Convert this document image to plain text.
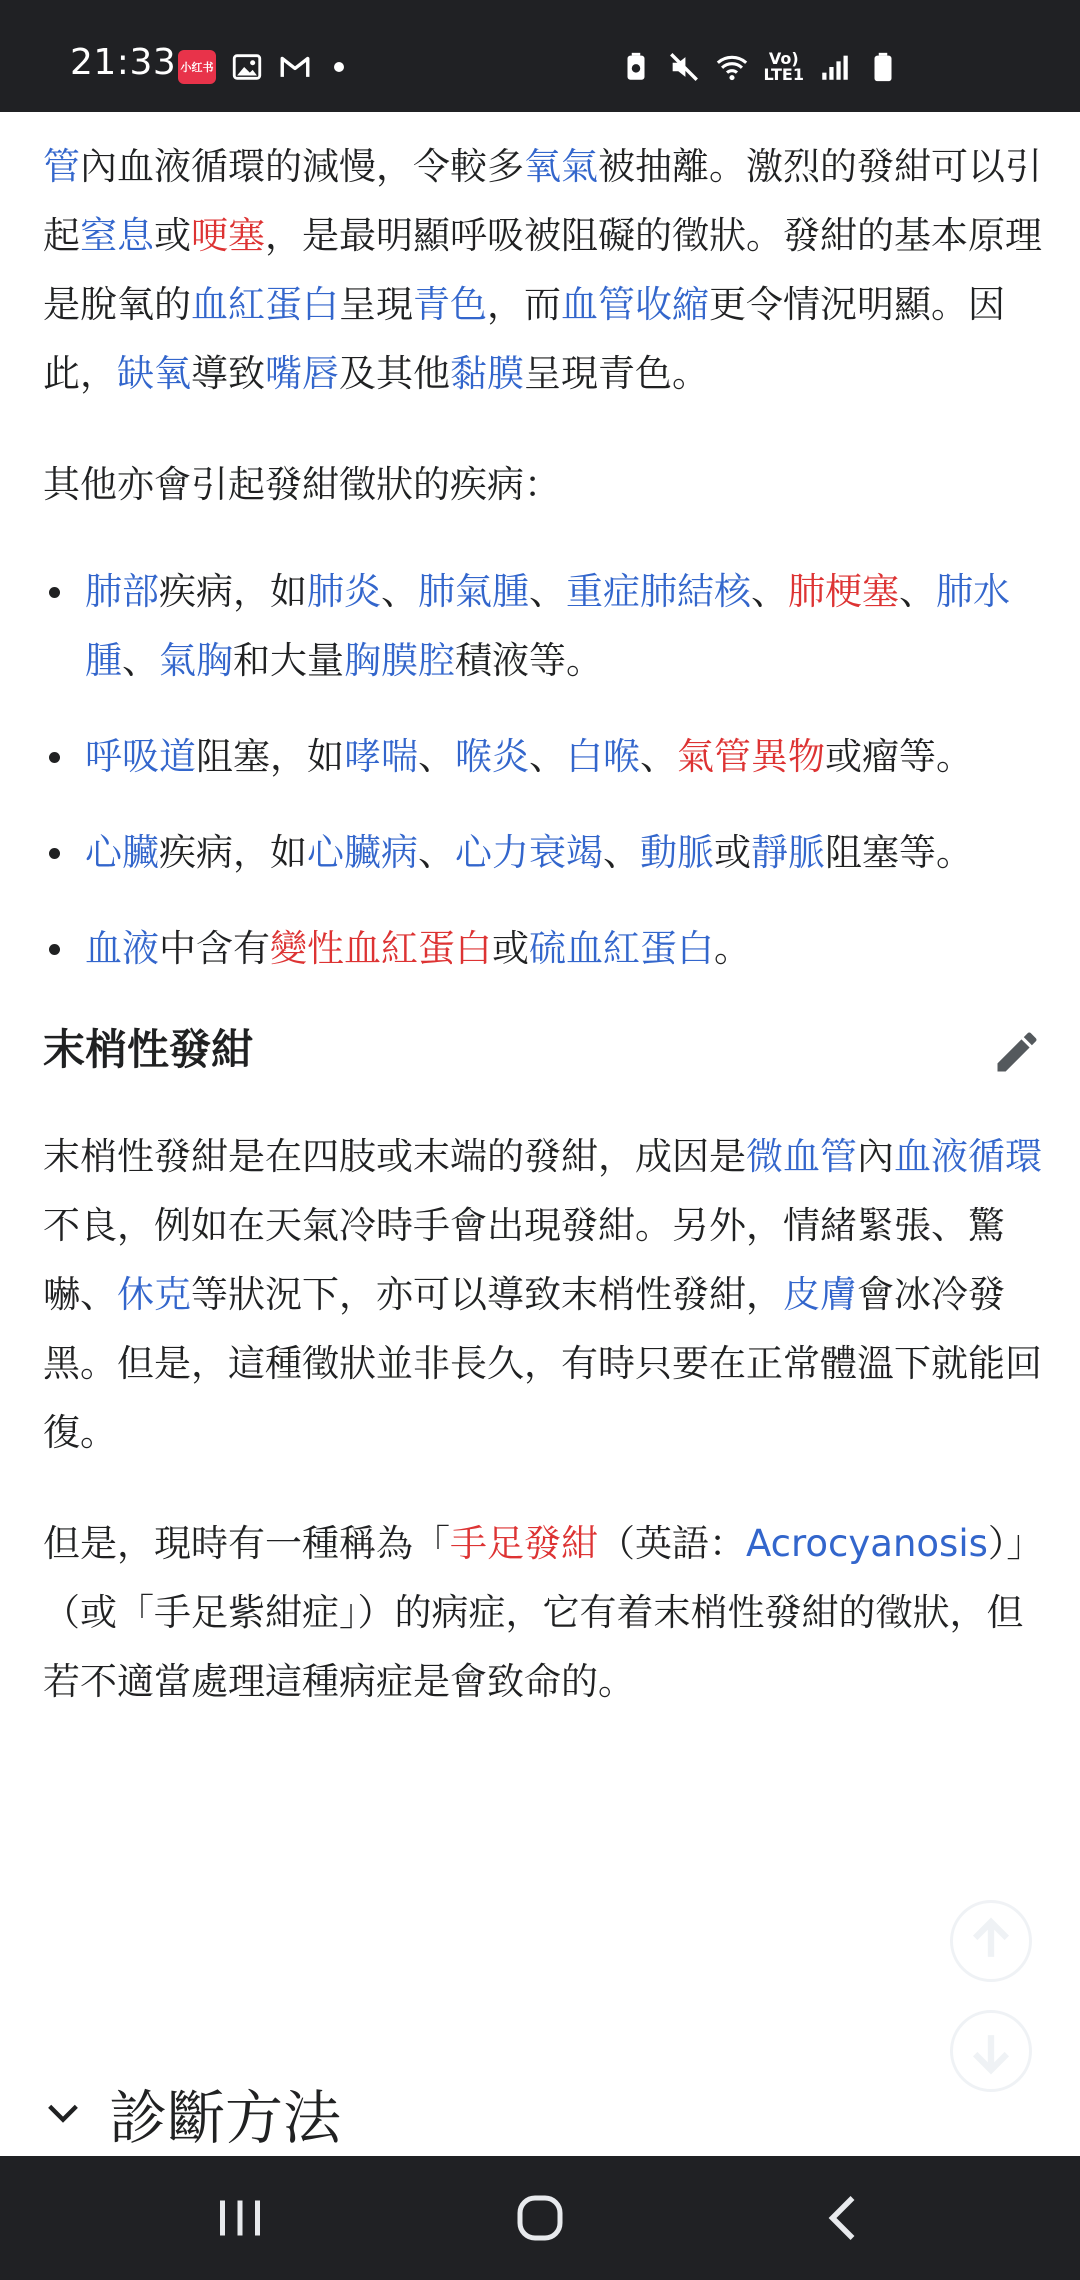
21:33 小红书	Vo)
LTE1

管內血液循環的減慢，令較多氧氣被抽離。激烈的發紺可以引起窒息或哽塞，是最明顯呼吸被阻礙的徵狀。發紺的基本原理是脫氧的血紅蛋白呈現青色，而血管收縮更令情況明顯。因此，缺氧導致嘴唇及其他黏膜呈現青色。

其他亦會引起發紺徵狀的疾病：

肺部疾病，如肺炎、肺氣腫、重症肺結核、肺梗塞、肺水腫、氣胸和大量胸膜腔積液等。
呼吸道阻塞，如哮喘、喉炎、白喉、氣管異物或瘤等。
心臟疾病，如心臟病、心力衰竭、動脈或靜脈阻塞等。
血液中含有變性血紅蛋白或硫血紅蛋白。
末梢性發紺

末梢性發紺是在四肢或末端的發紺，成因是微血管內血液循環不良，例如在天氣冷時手會出現發紺。另外，情緒緊張、驚嚇、休克等狀況下，亦可以導致末梢性發紺，皮膚會冰冷發黑。但是，這種徵狀並非長久，有時只要在正常體溫下就能回復。

但是，現時有一種稱為「手足發紺（英語：Acrocyanosis）」（或「手足紫紺症」）的病症，它有着末梢性發紺的徵狀，但若不適當處理這種病症是會致命的。

診斷方法
